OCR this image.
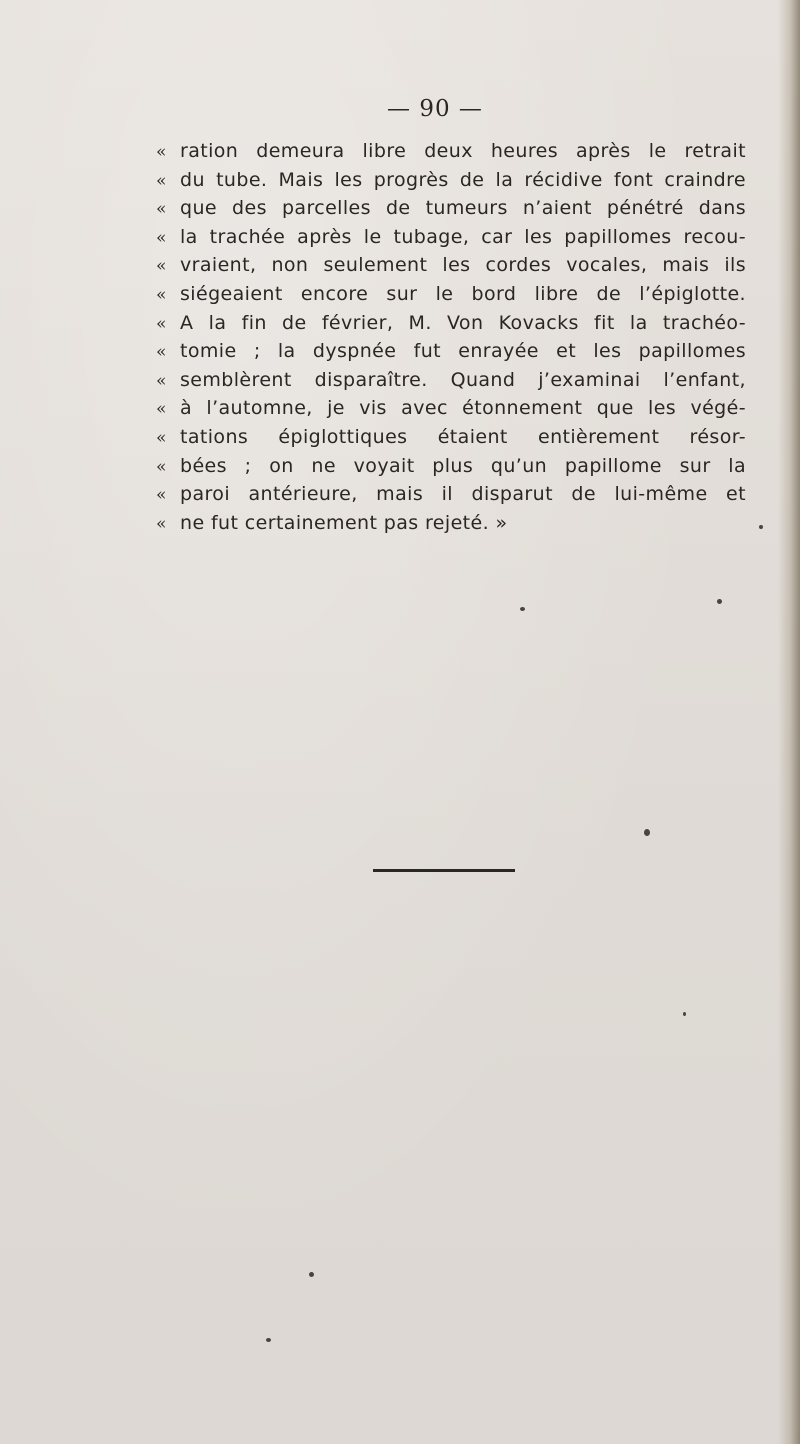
— 90 —
« ration demeura libre deux heures après le retrait
« du tube. Mais les progrès de la récidive font craindre
« que des parcelles de tumeurs n’aient pénétré dans
« la trachée après le tubage, car les papillomes recou-
« vraient, non seulement les cordes vocales, mais ils
« siégeaient encore sur le bord libre de l’épiglotte.
« A la fin de février, M. Von Kovacks fit la trachéo-
« tomie ; la dyspnée fut enrayée et les papillomes
« semblèrent disparaître. Quand j’examinai l’enfant,
« à l’automne, je vis avec étonnement que les végé-
« tations épiglottiques étaient entièrement résor-
« bées ; on ne voyait plus qu’un papillome sur la
« paroi antérieure, mais il disparut de lui-même et
« ne fut certainement pas rejeté. »
